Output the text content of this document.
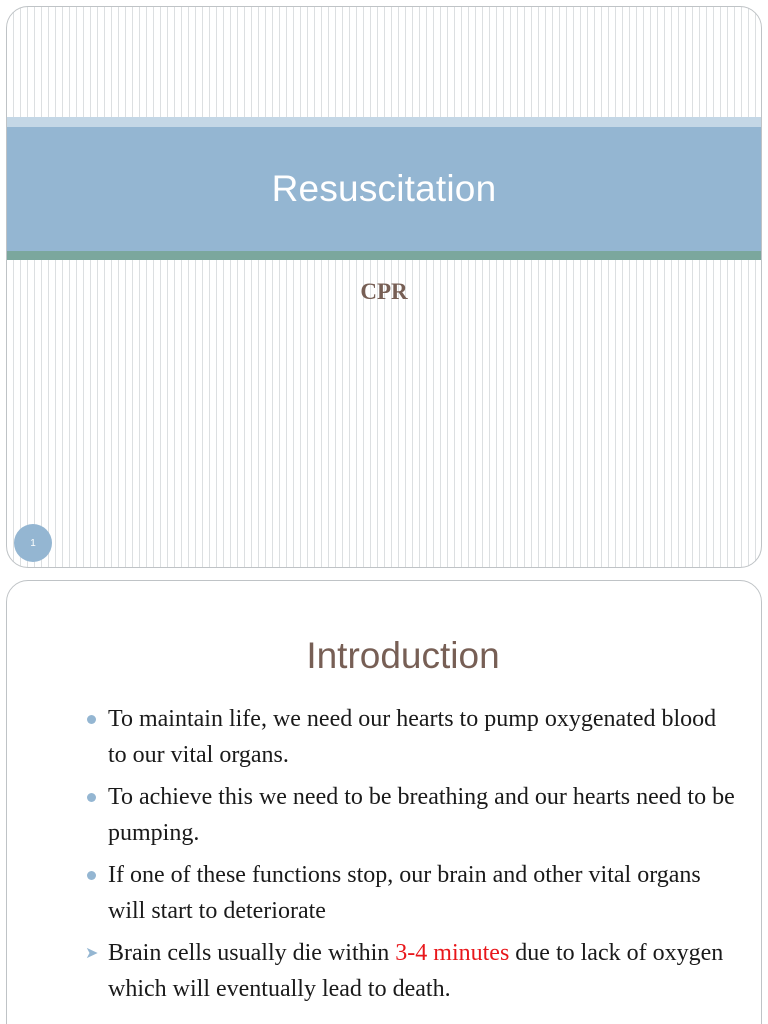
Resuscitation
CPR
1
Introduction
To maintain life, we need our hearts to pump oxygenated blood to our vital organs.
To achieve this we need to be breathing and our hearts need to be pumping.
If one of these functions stop, our brain and other vital organs will start to deteriorate
➤ Brain cells usually die within 3-4 minutes due to lack of oxygen which will eventually lead to death.
